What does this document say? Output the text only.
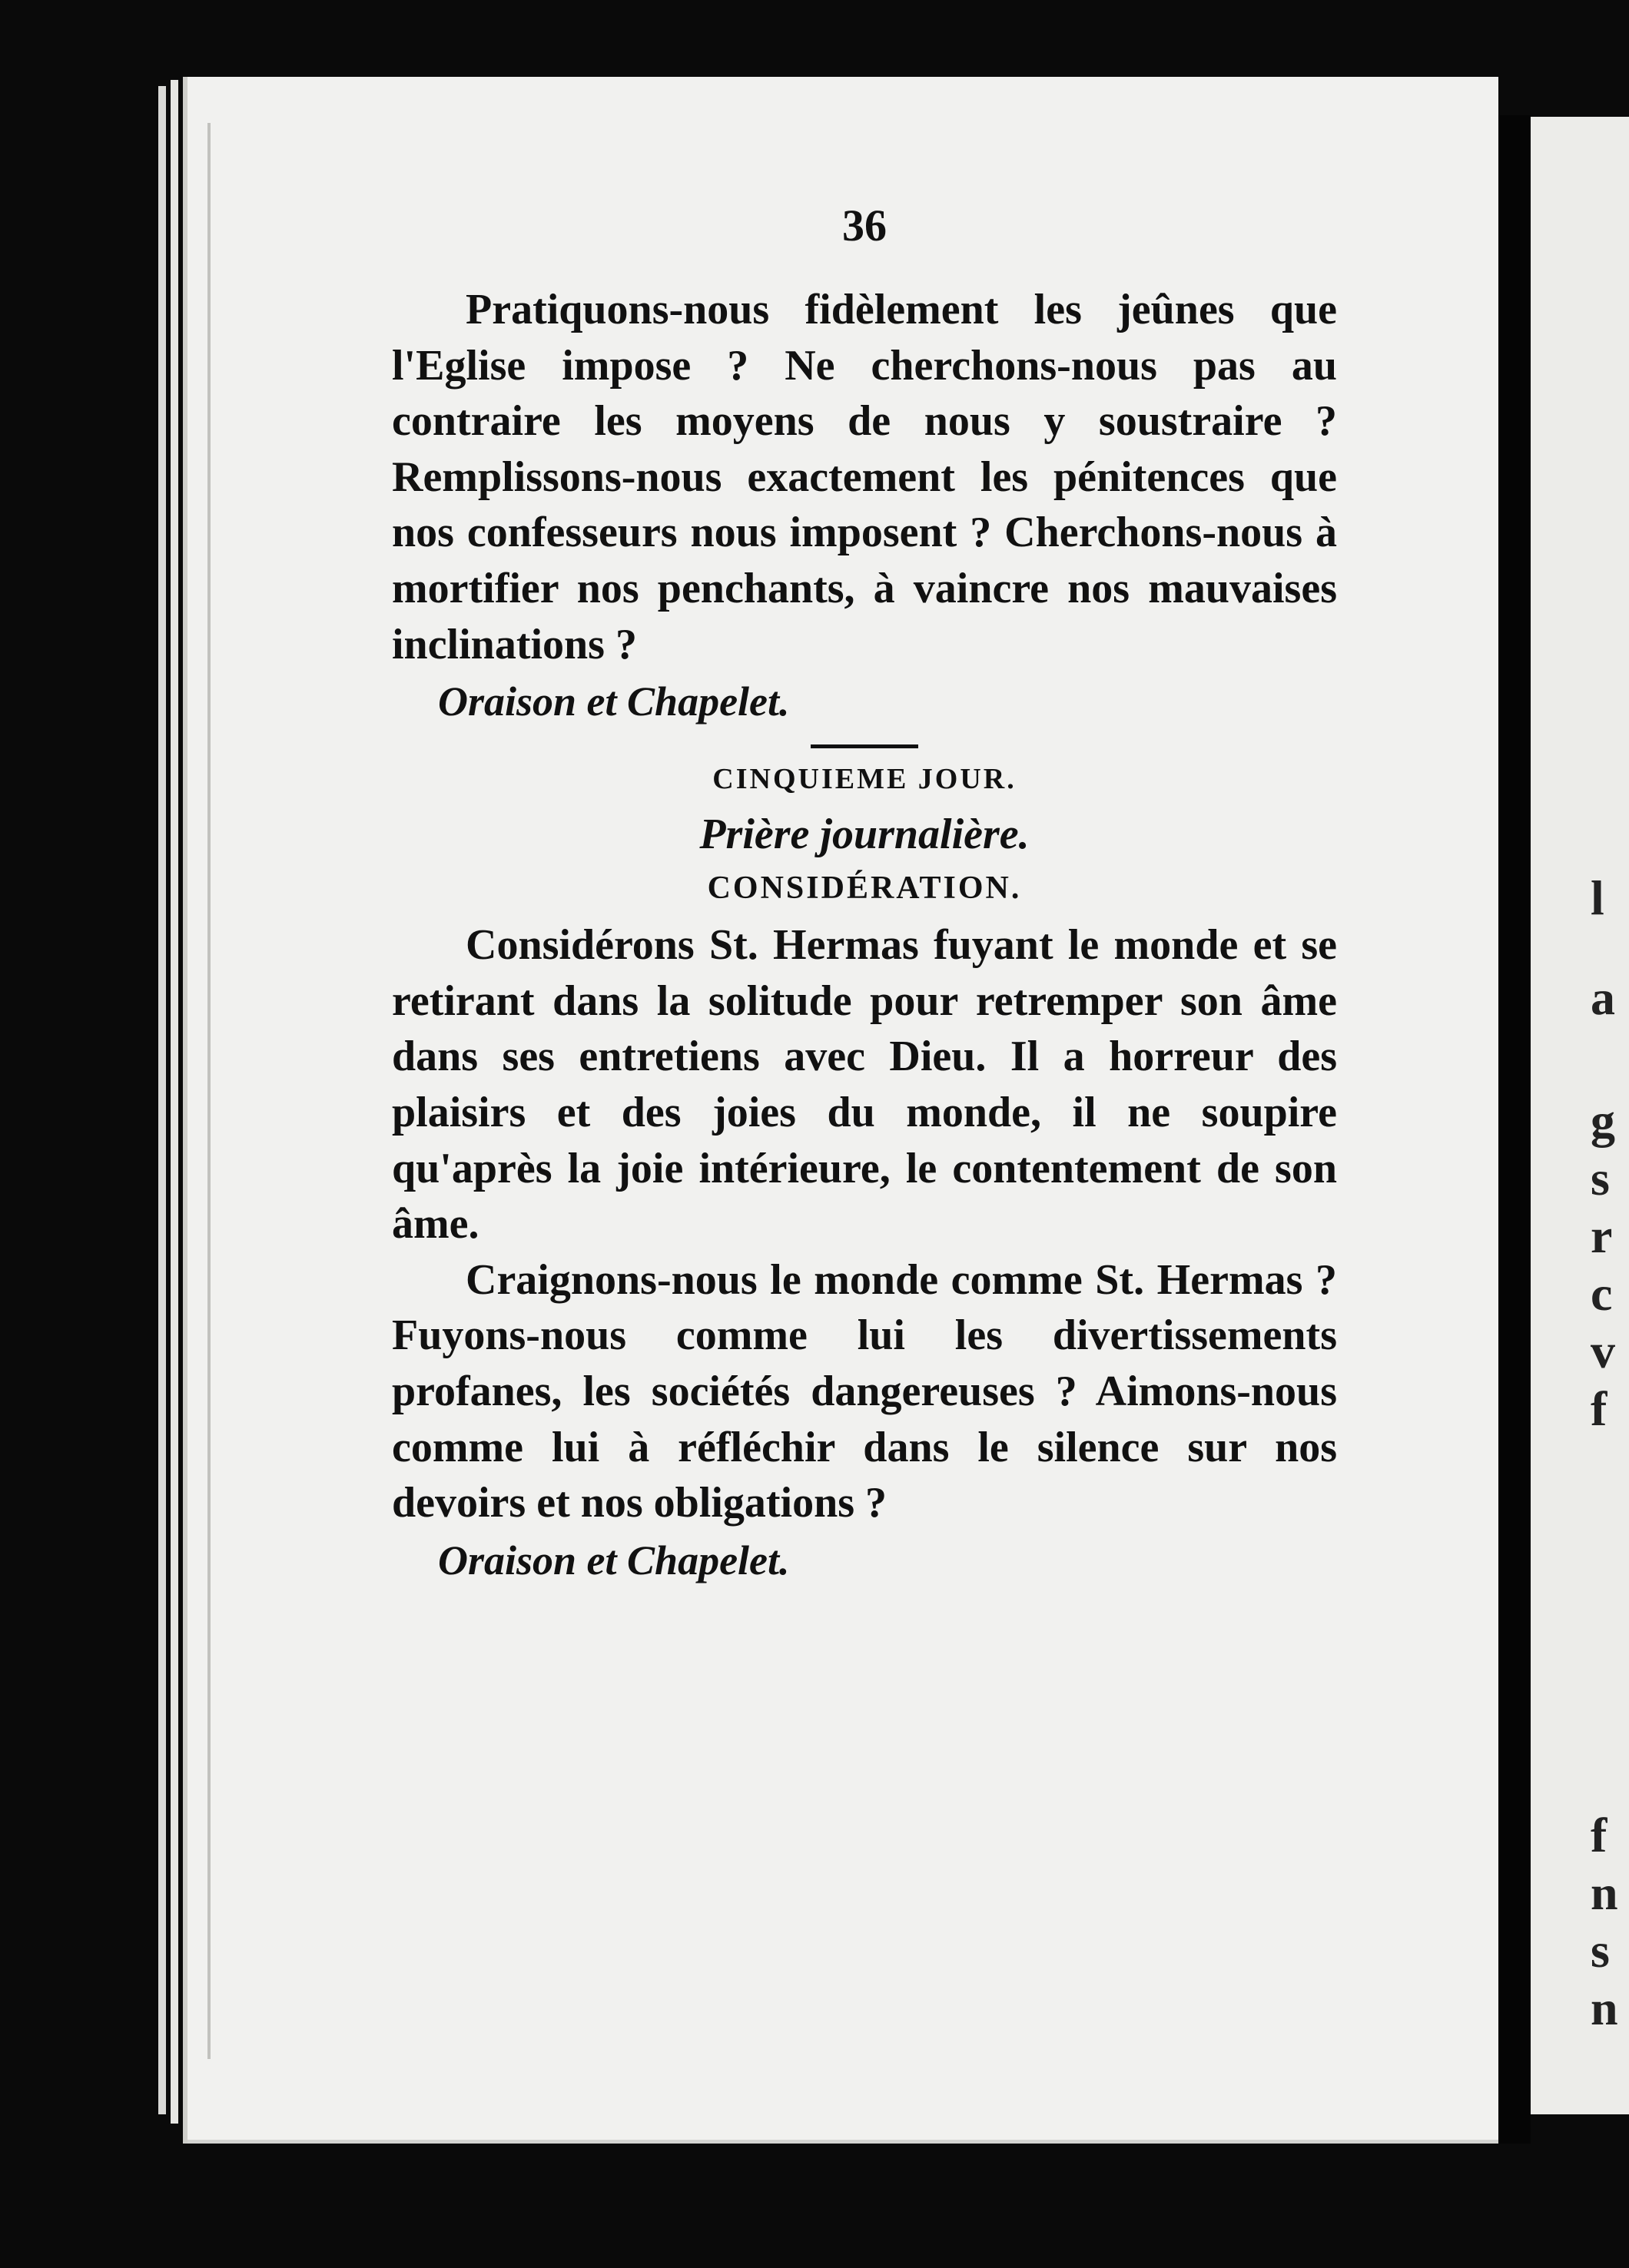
l
a
g
s
r
c
v
f
f
n
s
n
36

Pratiquons-nous fidèlement les jeûnes que l'Eglise impose ? Ne cherchons-nous pas au contraire les moyens de nous y soustraire ? Remplissons-nous exactement les pénitences que nos confesseurs nous imposent ? Cherchons-nous à mortifier nos penchants, à vaincre nos mauvaises inclinations ?

Oraison et Chapelet.
CINQUIEME JOUR.
Prière journalière.
CONSIDÉRATION.

Considérons St. Hermas fuyant le monde et se retirant dans la solitude pour retremper son âme dans ses entretiens avec Dieu. Il a horreur des plaisirs et des joies du monde, il ne soupire qu'après la joie intérieure, le contentement de son âme.

Craignons-nous le monde comme St. Hermas ? Fuyons-nous comme lui les divertissements profanes, les sociétés dangereuses ? Aimons-nous comme lui à réfléchir dans le silence sur nos devoirs et nos obligations ?

Oraison et Chapelet.
